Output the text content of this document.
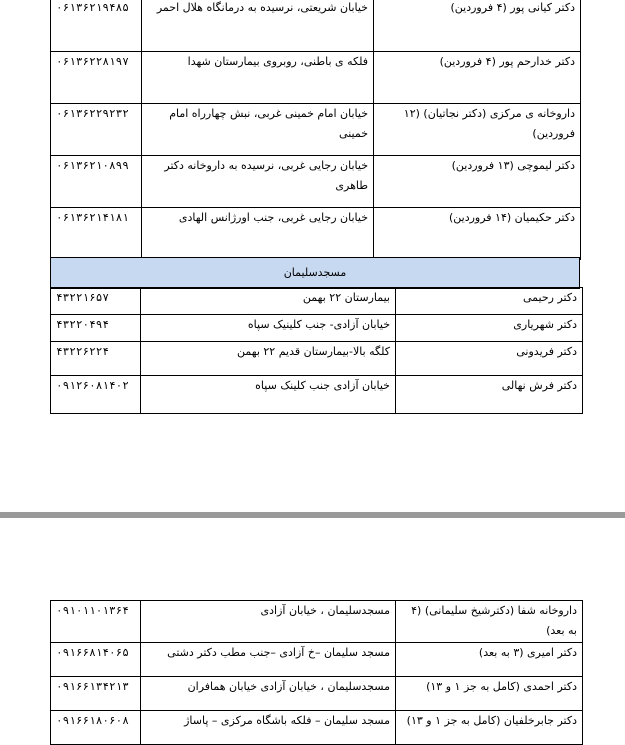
دکتر کیانی پور (۴ فروردین)	خیابان شریعتی، نرسیده به درمانگاه هلال احمر	۰۶۱۳۶۲۱۹۴۸۵
دکتر خدارحم پور (۴ فروردین)	فلکه ی باطنی، روبروی بیمارستان شهدا	۰۶۱۳۶۲۲۸۱۹۷
داروخانه ی مرکزی (دکتر نجاتیان) (۱۲ فروردین)	خیابان امام خمینی غربی، نبش چهارراه امام خمینی	۰۶۱۳۶۲۲۹۲۳۲
دکتر لیموچی (۱۳ فروردین)	خیابان رجایی غربی، نرسیده به داروخانه دکتر طاهری	۰۶۱۳۶۲۱۰۸۹۹
دکتر حکیمیان (۱۴ فروردین)	خیابان رجایی غربی، جنب اورژانس الهادی	۰۶۱۳۶۲۱۴۱۸۱
مسجدسلیمان
دکتر رحیمی	بیمارستان ۲۲ بهمن	۴۳۲۲۱۶۵۷
دکتر شهریاری	خیابان آزادی- جنب کلینیک سپاه	۴۳۲۲۰۴۹۴
دکتر فریدونی	کلگه بالا-بیمارستان قدیم ۲۲ بهمن	۴۳۲۲۶۲۲۴
دکتر فرش نهالی	خیابان آزادی جنب کلینک سپاه	۰۹۱۲۶۰۸۱۴۰۲
داروخانه شفا (دکترشیخ سلیمانی) (۴ به بعد)	مسجدسلیمان ، خیابان آزادی	۰۹۱۰۱۱۰۱۳۶۴
دکتر امیری (۳ به بعد)	مسجد سلیمان –خ آزادی –جنب مطب دکتر دشتی	۰۹۱۶۶۸۱۴۰۶۵
دکتر احمدی (کامل به جز ۱ و ۱۳)	مسجدسلیمان ، خیابان آزادی خیابان همافران	۰۹۱۶۶۱۳۴۲۱۳
دکتر جابرخلفیان (کامل به جز ۱ و ۱۳)	مسجد سلیمان – فلکه باشگاه مرکزی – پاساژ	۰۹۱۶۶۱۸۰۶۰۸
